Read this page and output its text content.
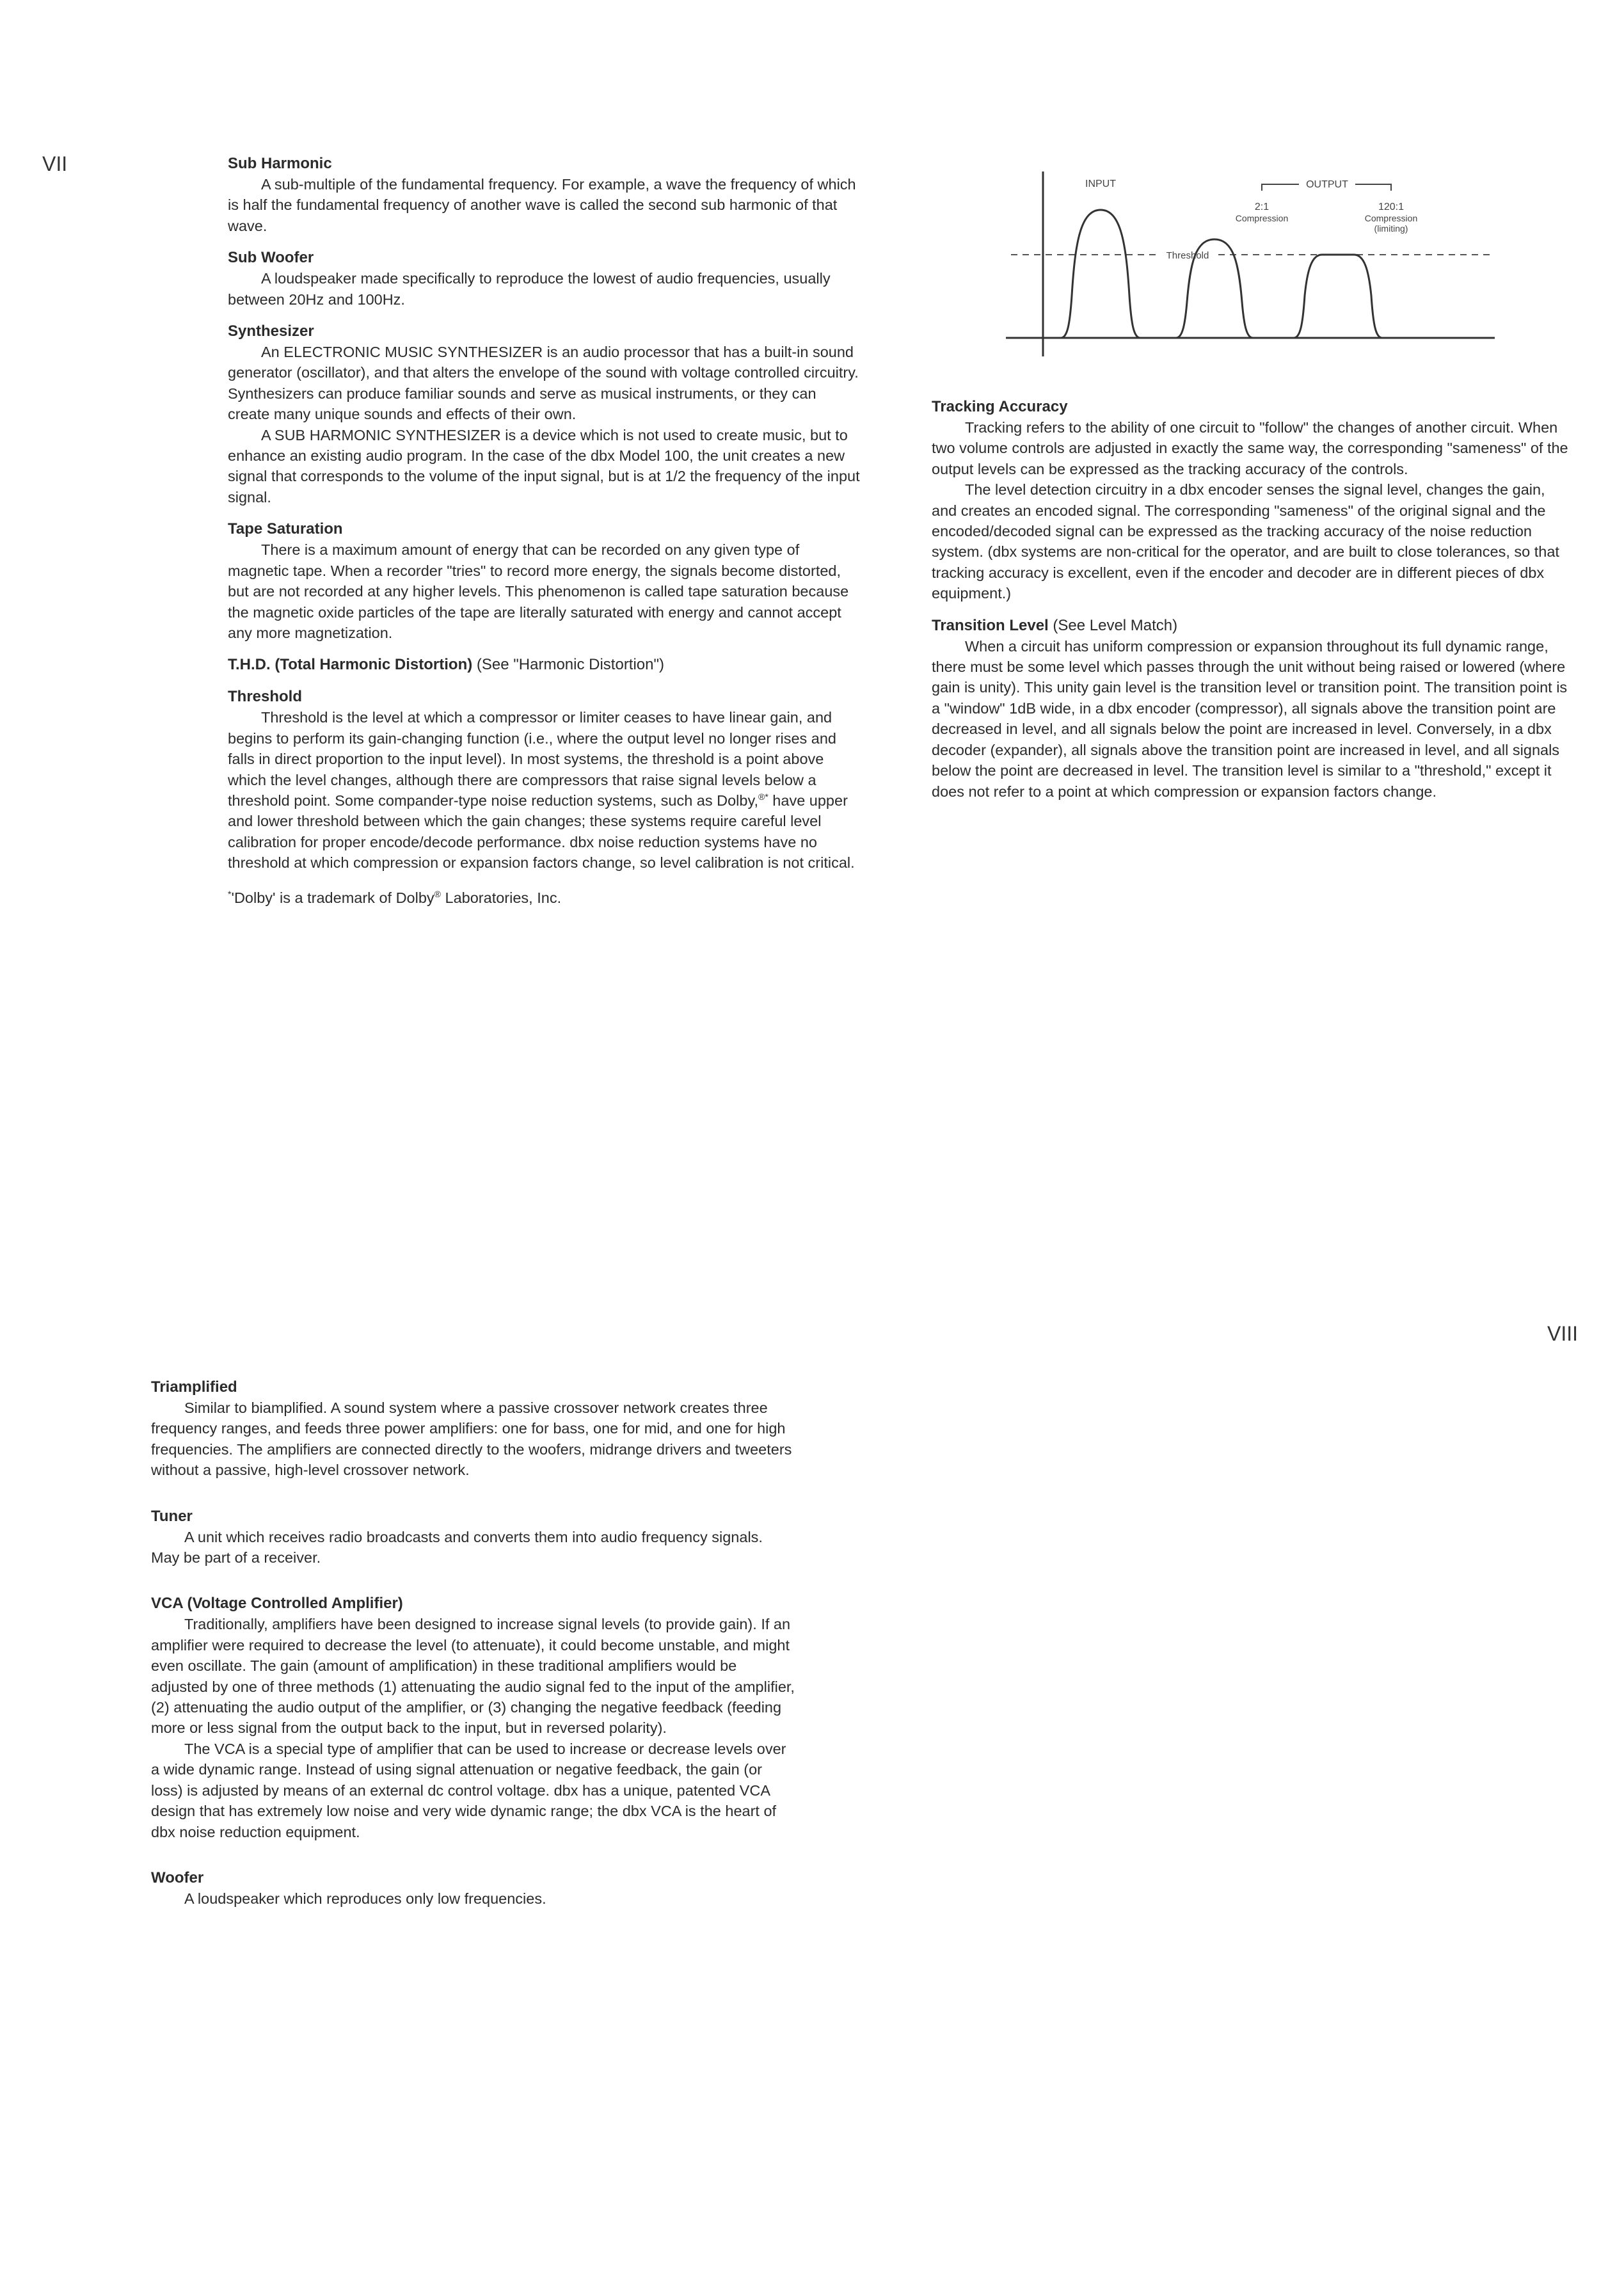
VII
VIII
Sub Harmonic

A sub-multiple of the fundamental frequency. For example, a wave the frequency of which is half the fundamental frequency of another wave is called the second sub harmonic of that wave.

Sub Woofer

A loudspeaker made specifically to reproduce the lowest of audio frequencies, usually between 20Hz and 100Hz.

Synthesizer

An ELECTRONIC MUSIC SYNTHESIZER is an audio processor that has a built-in sound generator (oscillator), and that alters the envelope of the sound with voltage controlled circuitry. Synthesizers can produce familiar sounds and serve as musical instruments, or they can create many unique sounds and effects of their own.

A SUB HARMONIC SYNTHESIZER is a device which is not used to create music, but to enhance an existing audio program. In the case of the dbx Model 100, the unit creates a new signal that corresponds to the volume of the input signal, but is at 1/2 the frequency of the input signal.

Tape Saturation

There is a maximum amount of energy that can be recorded on any given type of magnetic tape. When a recorder "tries" to record more energy, the signals become distorted, but are not recorded at any higher levels. This phenomenon is called tape saturation because the magnetic oxide particles of the tape are literally saturated with energy and cannot accept any more magnetization.

T.H.D. (Total Harmonic Distortion) (See "Harmonic Distortion")
Threshold

Threshold is the level at which a compressor or limiter ceases to have linear gain, and begins to perform its gain-changing function (i.e., where the output level no longer rises and falls in direct proportion to the input level). In most systems, the threshold is a point above which the level changes, although there are compressors that raise signal levels below a threshold point. Some compander-type noise reduction systems, such as Dolby,®* have upper and lower threshold between which the gain changes; these systems require careful level calibration for proper encode/decode performance. dbx noise reduction systems have no threshold at which compression or expansion factors change, so level calibration is not critical.

*'Dolby' is a trademark of Dolby® Laboratories, Inc.
Threshold
INPUT	OUTPUT
2:1
Compression
120:1
Compression
(limiting)
Tracking Accuracy

Tracking refers to the ability of one circuit to "follow" the changes of another circuit. When two volume controls are adjusted in exactly the same way, the corresponding "sameness" of the output levels can be expressed as the tracking accuracy of the controls.

The level detection circuitry in a dbx encoder senses the signal level, changes the gain, and creates an encoded signal. The corresponding "sameness" of the original signal and the encoded/decoded signal can be expressed as the tracking accuracy of the noise reduction system. (dbx systems are non-critical for the operator, and are built to close tolerances, so that tracking accuracy is excellent, even if the encoder and decoder are in different pieces of dbx equipment.)

Transition Level (See Level Match)

When a circuit has uniform compression or expansion throughout its full dynamic range, there must be some level which passes through the unit without being raised or lowered (where gain is unity). This unity gain level is the transition level or transition point. The transition point is a "window" 1dB wide, in a dbx encoder (compressor), all signals above the transition point are decreased in level, and all signals below the point are increased in level. Conversely, in a dbx decoder (expander), all signals above the transition point are increased in level, and all signals below the point are decreased in level. The transition level is similar to a "threshold," except it does not refer to a point at which compression or expansion factors change.

Triamplified

Similar to biamplified. A sound system where a passive crossover network creates three frequency ranges, and feeds three power amplifiers: one for bass, one for mid, and one for high frequencies. The amplifiers are connected directly to the woofers, midrange drivers and tweeters without a passive, high-level crossover network.

Tuner

A unit which receives radio broadcasts and converts them into audio frequency signals. May be part of a receiver.

VCA (Voltage Controlled Amplifier)

Traditionally, amplifiers have been designed to increase signal levels (to provide gain). If an amplifier were required to decrease the level (to attenuate), it could become unstable, and might even oscillate. The gain (amount of amplification) in these traditional amplifiers would be adjusted by one of three methods (1) attenuating the audio signal fed to the input of the amplifier, (2) attenuating the audio output of the amplifier, or (3) changing the negative feedback (feeding more or less signal from the output back to the input, but in reversed polarity).

The VCA is a special type of amplifier that can be used to increase or decrease levels over a wide dynamic range. Instead of using signal attenuation or negative feedback, the gain (or loss) is adjusted by means of an external dc control voltage. dbx has a unique, patented VCA design that has extremely low noise and very wide dynamic range; the dbx VCA is the heart of dbx noise reduction equipment.

Woofer

A loudspeaker which reproduces only low frequencies.
